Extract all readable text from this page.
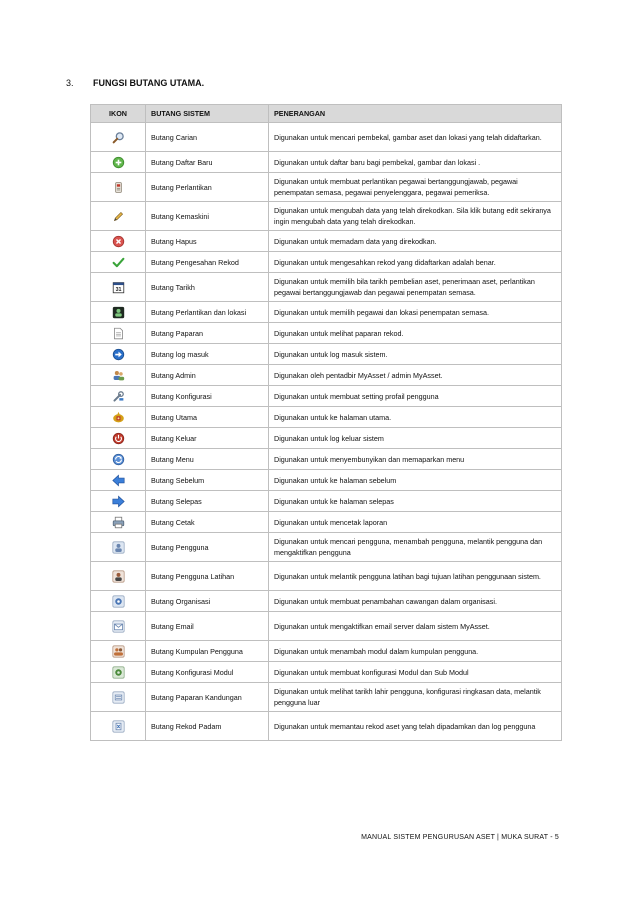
3. FUNGSI BUTANG UTAMA.
IKON	BUTANG SISTEM	PENERANGAN

	Butang Carian	Digunakan untuk mencari pembekal, gambar aset dan lokasi yang telah didaftarkan.

	Butang Daftar Baru	Digunakan untuk daftar baru bagi pembekal, gambar dan lokasi .

	Butang Perlantikan	Digunakan untuk membuat perlantikan pegawai bertanggungjawab, pegawai penempatan semasa, pegawai penyelenggara, pegawai pemeriksa.

	Butang Kemaskini	Digunakan untuk mengubah data yang telah direkodkan. Sila klik butang edit sekiranya ingin mengubah data yang telah direkodkan.

	Butang Hapus	Digunakan untuk memadam data yang direkodkan.

	Butang Pengesahan Rekod	Digunakan untuk mengesahkan rekod yang didaftarkan adalah benar.

31	Butang Tarikh	Digunakan untuk memilih bila tarikh pembelian aset, penerimaan aset, perlantikan pegawai bertanggungjawab dan pegawai penempatan semasa.

	Butang Perlantikan dan lokasi	Digunakan untuk memilih pegawai dan lokasi penempatan semasa.

	Butang Paparan	Digunakan untuk melihat paparan rekod.

	Butang log masuk	Digunakan untuk log masuk sistem.

	Butang Admin	Digunakan oleh pentadbir MyAsset / admin MyAsset.

	Butang Konfigurasi	Digunakan untuk membuat setting profail pengguna

	Butang Utama	Digunakan untuk ke halaman utama.

	Butang Keluar	Digunakan untuk log keluar sistem

	Butang Menu	Digunakan untuk menyembunyikan dan memaparkan menu

	Butang Sebelum	Digunakan untuk ke halaman sebelum

	Butang Selepas	Digunakan untuk ke halaman selepas

	Butang Cetak	Digunakan untuk mencetak laporan

	Butang Pengguna	Digunakan untuk mencari pengguna, menambah pengguna, melantik pengguna dan mengaktifkan pengguna

	Butang Pengguna Latihan	Digunakan untuk melantik pengguna latihan bagi tujuan latihan penggunaan sistem.

	Butang Organisasi	Digunakan untuk membuat penambahan cawangan dalam organisasi.

	Butang Email	Digunakan untuk mengaktifkan email server dalam sistem MyAsset.

	Butang Kumpulan Pengguna	Digunakan untuk menambah modul dalam kumpulan pengguna.

	Butang Konfigurasi Modul	Digunakan untuk membuat konfigurasi Modul dan Sub Modul

	Butang Paparan Kandungan	Digunakan untuk melihat tarikh lahir pengguna, konfigurasi ringkasan data, melantik pengguna luar

	Butang Rekod Padam	Digunakan untuk memantau rekod aset yang telah dipadamkan dan log pengguna
MANUAL SISTEM PENGURUSAN ASET | MUKA SURAT - 5
